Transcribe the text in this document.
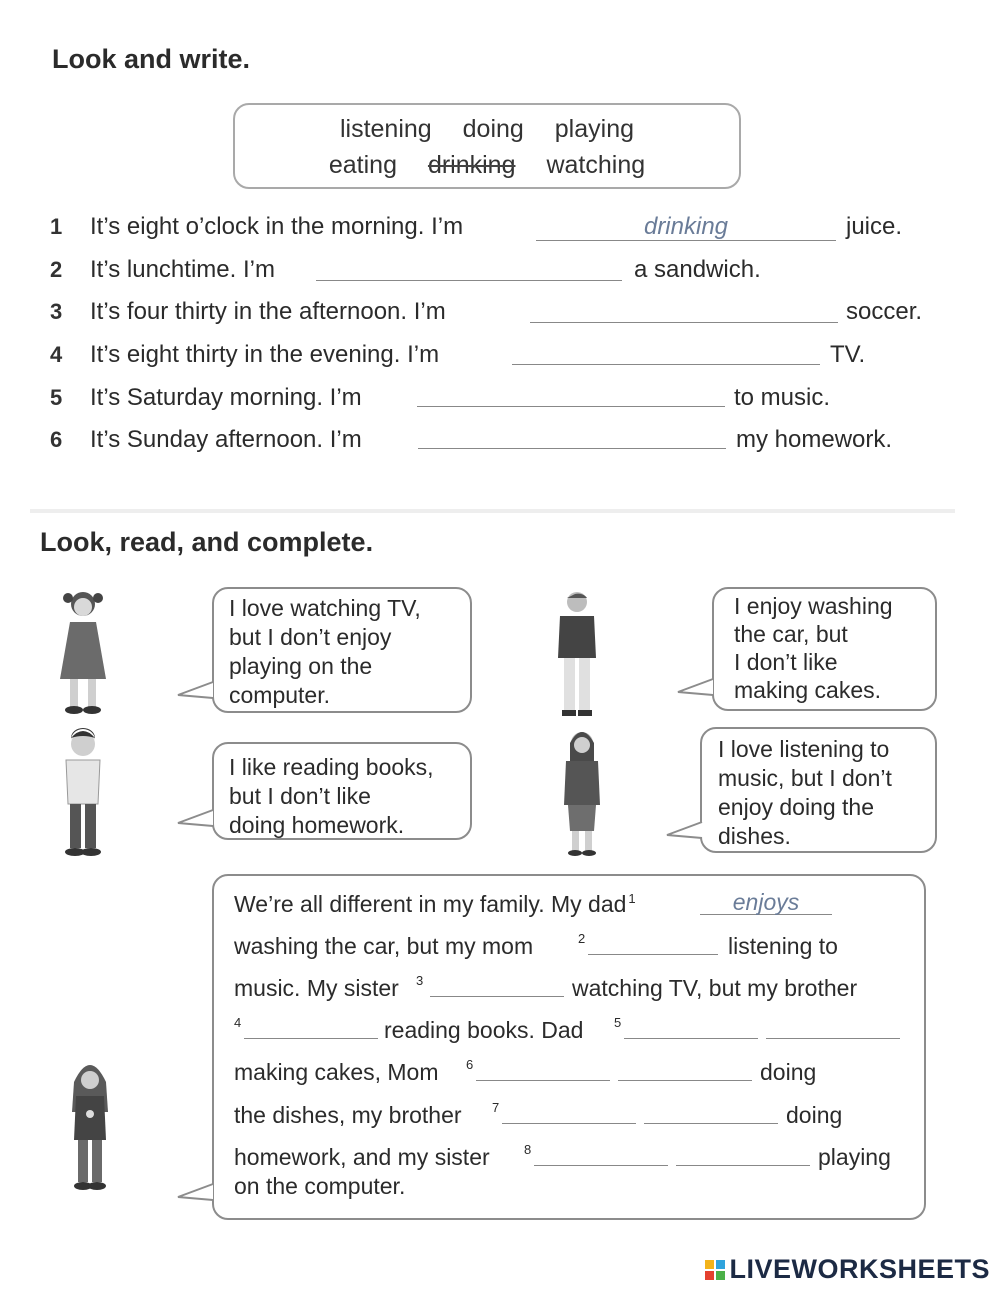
Look and write.
listening doing playing
eating drinking watching
1 It’s eight o’clock in the morning. I’m	drinking	juice.
2 It’s lunchtime. I’m	a sandwich.
3 It’s four thirty in the afternoon. I’m	soccer.
4 It’s eight thirty in the evening. I’m	TV.
5 It’s Saturday morning. I’m	to music.
6 It’s Sunday afternoon. I’m	my homework.
Look, read, and complete.
I love watching TV,
but I don’t enjoy
playing on the
computer.
I enjoy washing
the car, but
I don’t like
making cakes.
I like reading books,
but I don’t like
doing homework.
I love listening to
music, but I don’t
enjoy doing the
dishes.
We’re all different in my family. My dad $^1$	enjoys
washing the car, but my mom	$^2$	listening to
music. My sister $^3$	watching TV, but my brother
$^4$	reading books. Dad $^5$
making cakes, Mom $^6$	doing
the dishes, my brother $^7$	doing
homework, and my sister	$^8$	playing
on the computer.
LIVEWORKSHEETS
